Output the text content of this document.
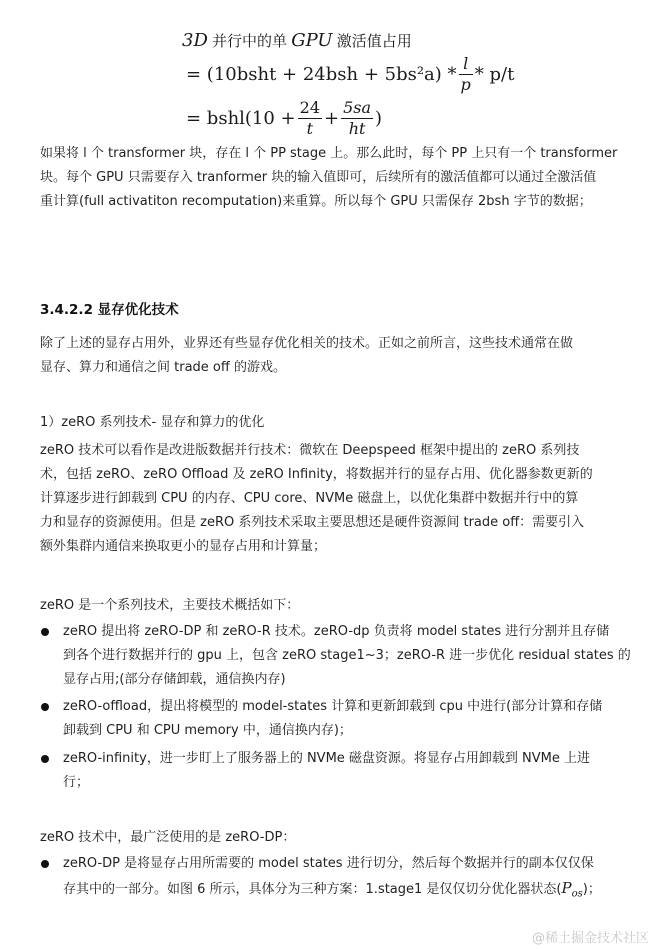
3D 并行中的单 GPU 激活值占用
= (10bsht + $24bsh + 5bs^2a) * \frac{l}{p} * p/t$
= bshl(10 + $\frac{24}{t} + \frac{5sa}{ht}$ )
如果将 l 个 transformer 块，存在 l 个 PP stage 上。那么此时，每个 PP 上只有一个 transformer
块。每个 GPU 只需要存入 tranformer 块的输入值即可，后续所有的激活值都可以通过全激活值
重计算(full activatiton recomputation)来重算。所以每个 GPU 只需保存 2bsh 字节的数据；
3.4.2.2 显存优化技术
除了上述的显存占用外，业界还有些显存优化相关的技术。正如之前所言，这些技术通常在做
显存、算力和通信之间 trade off 的游戏。
1）zeRO 系列技术- 显存和算力的优化
zeRO 技术可以看作是改进版数据并行技术：微软在 Deepspeed 框架中提出的 zeRO 系列技
术，包括 zeRO、zeRO Offload 及 zeRO Infinity，将数据并行的显存占用、优化器参数更新的
计算逐步进行卸载到 CPU 的内存、CPU core、NVMe 磁盘上，以优化集群中数据并行中的算
力和显存的资源使用。但是 zeRO 系列技术采取主要思想还是硬件资源间 trade off：需要引入
额外集群内通信来换取更小的显存占用和计算量；
zeRO 是一个系列技术，主要技术概括如下：
zeRO 提出将 zeRO-DP 和 zeRO-R 技术。zeRO-dp 负责将 model states 进行分割并且存储
到各个进行数据并行的 gpu 上，包含 zeRO stage1~3；zeRO-R 进一步优化 residual states 的
显存占用;(部分存储卸载，通信换内存)
zeRO-offload，提出将模型的 model-states 计算和更新卸载到 cpu 中进行(部分计算和存储
卸载到 CPU 和 CPU memory 中，通信换内存)；
zeRO-infinity，进一步盯上了服务器上的 NVMe 磁盘资源。将显存占用卸载到 NVMe 上进
行；
zeRO 技术中，最广泛使用的是 zeRO-DP：
zeRO-DP 是将显存占用所需要的 model states 进行切分，然后每个数据并行的副本仅仅保
存其中的一部分。如图 6 所示，具体分为三种方案：1.stage1 是仅仅切分优化器状态$(P_{os})$；
@稀土掘金技术社区
